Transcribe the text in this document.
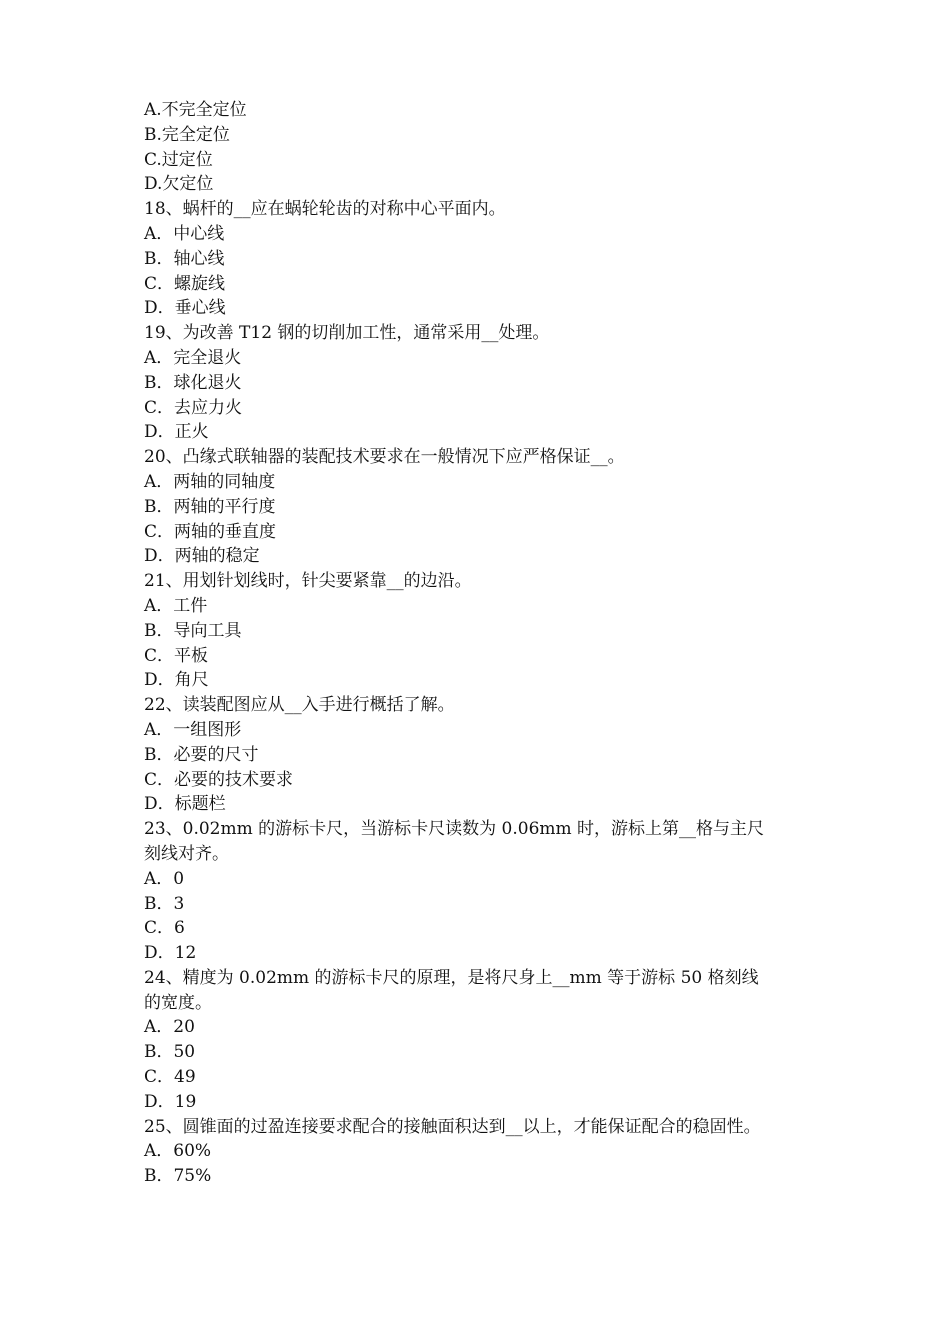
A.不完全定位
B.完全定位
C.过定位
D.欠定位
18、蜗杆的__应在蜗轮轮齿的对称中心平面内。
A．中心线
B．轴心线
C．螺旋线
D．垂心线
19、为改善 T12 钢的切削加工性，通常采用__处理。
A．完全退火
B．球化退火
C．去应力火
D．正火
20、凸缘式联轴器的装配技术要求在一般情况下应严格保证__。
A．两轴的同轴度
B．两轴的平行度
C．两轴的垂直度
D．两轴的稳定
21、用划针划线时，针尖要紧靠__的边沿。
A．工件
B．导向工具
C．平板
D．角尺
22、读装配图应从__入手进行概括了解。
A．一组图形
B．必要的尺寸
C．必要的技术要求
D．标题栏
23、0.02mm 的游标卡尺，当游标卡尺读数为 0.06mm 时，游标上第__格与主尺
刻线对齐。
A．0
B．3
C．6
D．12
24、精度为 0.02mm 的游标卡尺的原理，是将尺身上__mm 等于游标 50 格刻线
的宽度。
A．20
B．50
C．49
D．19
25、圆锥面的过盈连接要求配合的接触面积达到__以上，才能保证配合的稳固性。
A．60%
B．75%
